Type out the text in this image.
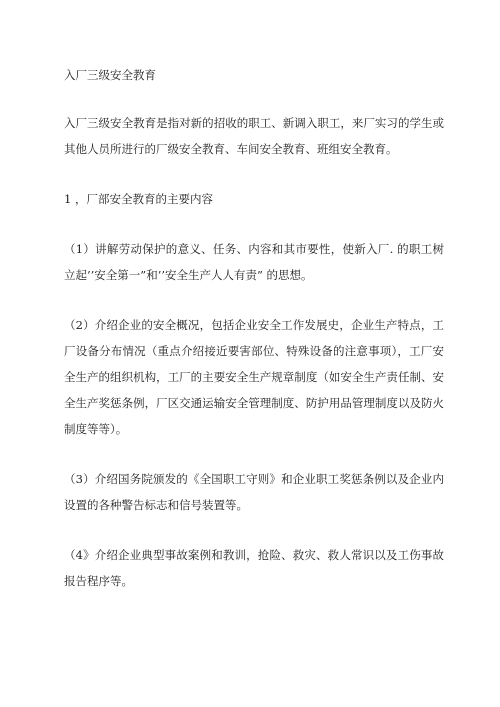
入厂三级安全教育

入厂三级安全教育是指对新的招收的职工、新调入职工，来厂实习的学生或其他人员所进行的厂级安全教育、车间安全教育、班组安全教育。

1 ，厂部安全教育的主要内容

（1）讲解劳动保护的意义、任务、内容和其市要性，使新入厂. 的职工树立起’’安全第一”和’’安全生产人人有责” 的思想。

（2）介绍企业的安全概况，包括企业安全工作发展史，企业生产特点，工厂设备分布情况（重点介绍接近要害部位、特殊设备的注意事项），工厂安全生产的组织机构，工厂的主要安全生产规章制度（如安全生产责任制、安全生产奖惩条例，厂区交通运输安全管理制度、防护用品管理制度以及防火制度等等）。

（3）介绍国务院颁发的《全国职工守则》和企业职工奖惩条例以及企业内设置的各种警告标志和信号装置等。

（4》介绍企业典型事故案例和教训，抢险、救灾、救人常识以及工伤事故报告程序等。
